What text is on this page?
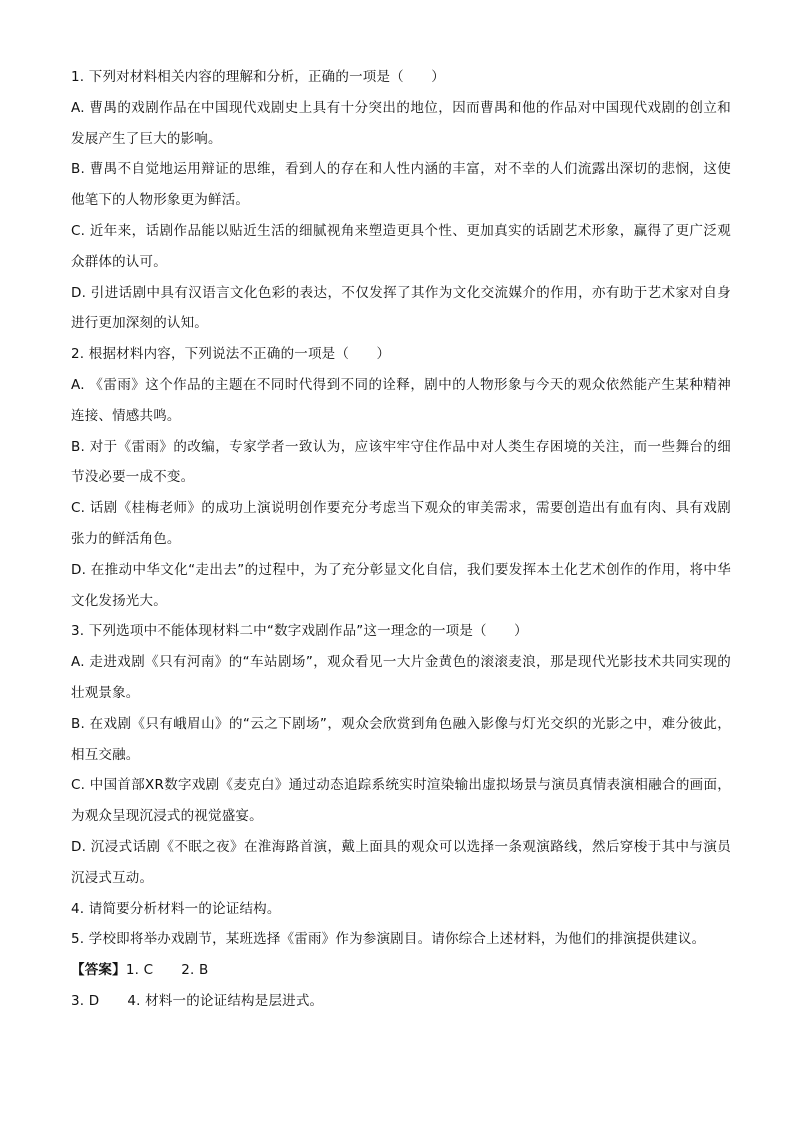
1. 下列对材料相关内容的理解和分析，正确的一项是（　　）

A. 曹禺的戏剧作品在中国现代戏剧史上具有十分突出的地位，因而曹禺和他的作品对中国现代戏剧的创立和发展产生了巨大的影响。

B. 曹禺不自觉地运用辩证的思维，看到人的存在和人性内涵的丰富，对不幸的人们流露出深切的悲悯，这使他笔下的人物形象更为鲜活。

C. 近年来，话剧作品能以贴近生活的细腻视角来塑造更具个性、更加真实的话剧艺术形象，赢得了更广泛观众群体的认可。

D. 引进话剧中具有汉语言文化色彩的表达，不仅发挥了其作为文化交流媒介的作用，亦有助于艺术家对自身进行更加深刻的认知。

2. 根据材料内容，下列说法不正确的一项是（　　）

A. 《雷雨》这个作品的主题在不同时代得到不同的诠释，剧中的人物形象与今天的观众依然能产生某种精神连接、情感共鸣。

B. 对于《雷雨》的改编，专家学者一致认为，应该牢牢守住作品中对人类生存困境的关注，而一些舞台的细节没必要一成不变。

C. 话剧《桂梅老师》的成功上演说明创作要充分考虑当下观众的审美需求，需要创造出有血有肉、具有戏剧张力的鲜活角色。

D. 在推动中华文化“走出去”的过程中，为了充分彰显文化自信，我们要发挥本土化艺术创作的作用，将中华文化发扬光大。

3. 下列选项中不能体现材料二中“数字戏剧作品”这一理念的一项是（　　）

A. 走进戏剧《只有河南》的“车站剧场”，观众看见一大片金黄色的滚滚麦浪，那是现代光影技术共同实现的壮观景象。

B. 在戏剧《只有峨眉山》的“云之下剧场”，观众会欣赏到角色融入影像与灯光交织的光影之中，难分彼此，相互交融。

C. 中国首部XR数字戏剧《麦克白》通过动态追踪系统实时渲染输出虚拟场景与演员真情表演相融合的画面，为观众呈现沉浸式的视觉盛宴。

D. 沉浸式话剧《不眠之夜》在淮海路首演，戴上面具的观众可以选择一条观演路线，然后穿梭于其中与演员沉浸式互动。

4. 请简要分析材料一的论证结构。

5. 学校即将举办戏剧节，某班选择《雷雨》作为参演剧目。请你综合上述材料，为他们的排演提供建议。

【答案】1. C 2. B

3. D 4. 材料一的论证结构是层进式。
